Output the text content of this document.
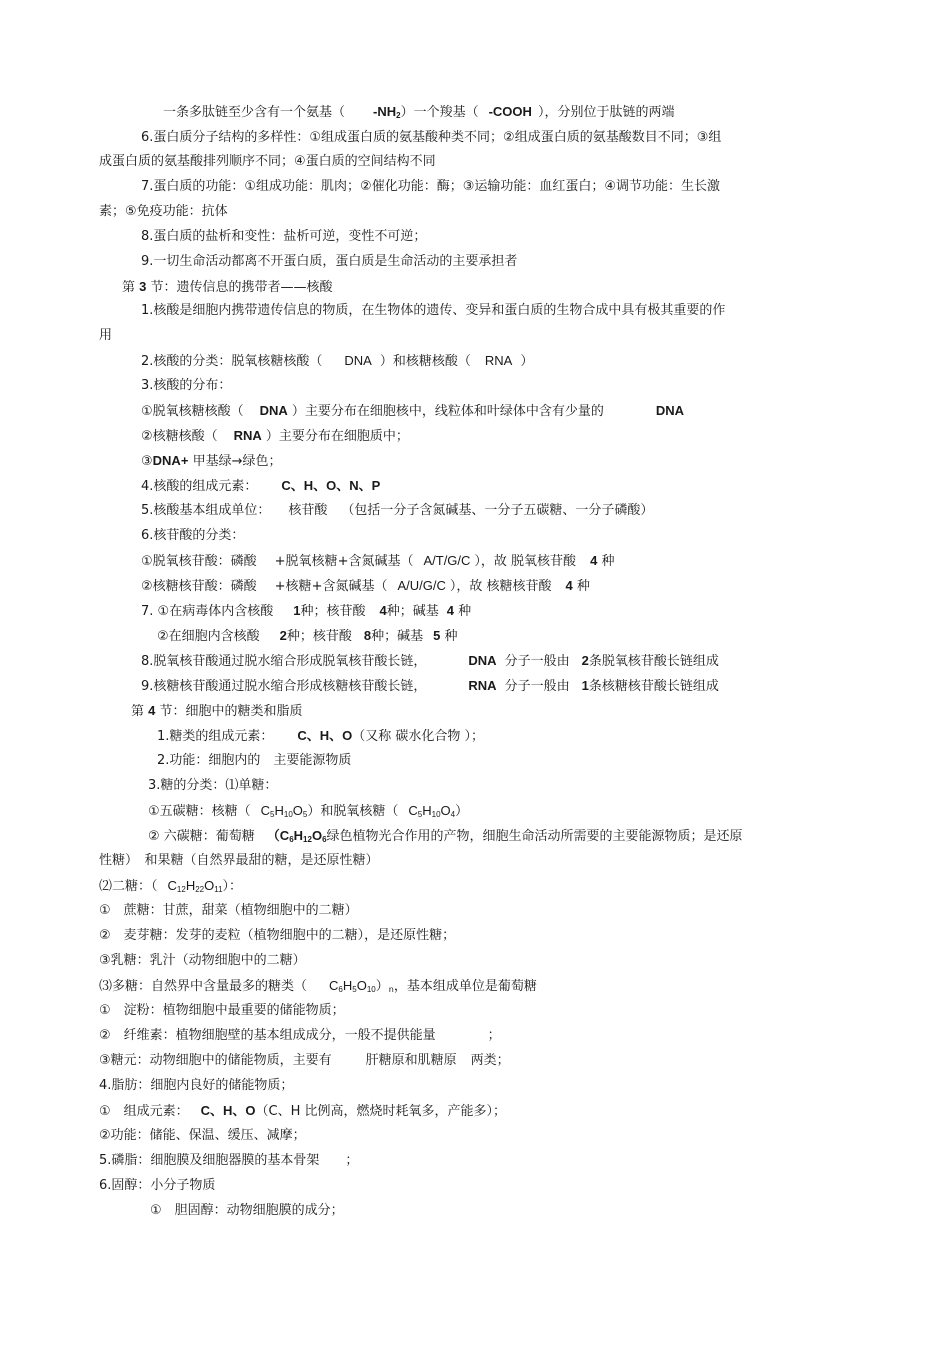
一条多肽链至少含有一个氨基（ $-NH_2$）一个羧基（ -COOH ），分别位于肽链的两端
6.蛋白质分子结构的多样性：①组成蛋白质的氨基酸种类不同；②组成蛋白质的氨基酸数目不同；③组
成蛋白质的氨基酸排列顺序不同；④蛋白质的空间结构不同
7.蛋白质的功能：①组成功能：肌肉；②催化功能：酶；③运输功能：血红蛋白；④调节功能：生长激
素；⑤免疫功能：抗体
8.蛋白质的盐析和变性：盐析可逆，变性不可逆；
9.一切生命活动都离不开蛋白质，蛋白质是生命活动的主要承担者
第 3 节：遗传信息的携带者——核酸
1.核酸是细胞内携带遗传信息的物质，在生物体的遗传、变异和蛋白质的生物合成中具有极其重要的作
用
2.核酸的分类：脱氧核糖核酸（ DNA ）和核糖核酸（ RNA ）
3.核酸的分布：
①脱氧核糖核酸（ DNA ）主要分布在细胞核中，线粒体和叶绿体中含有少量的	DNA
②核糖核酸（ RNA ）主要分布在细胞质中；
③DNA+ 甲基绿→绿色；
4.核酸的组成元素： C、H、O、N、P
5.核酸基本组成单位： 核苷酸 （包括一分子含氮碱基、一分子五碳糖、一分子磷酸）
6.核苷酸的分类：
①脱氧核苷酸：磷酸 +脱氧核糖+含氮碱基（ A/T/G/C ），故 脱氧核苷酸 4 种
②核糖核苷酸：磷酸 +核糖+含氮碱基（ A/U/G/C ），故 核糖核苷酸 4 种
7. ①在病毒体内含核酸 1种；核苷酸 4种；碱基 4 种
②在细胞内含核酸 2种；核苷酸 8种；碱基 5 种
8.脱氧核苷酸通过脱水缩合形成脱氧核苷酸长链，	DNA 分子一般由 2条脱氧核苷酸长链组成
9.核糖核苷酸通过脱水缩合形成核糖核苷酸长链，	RNA 分子一般由 1条核糖核苷酸长链组成
第 4 节：细胞中的糖类和脂质
1.糖类的组成元素： C、H、O（又称 碳水化合物 ）；
2.功能：细胞内的　主要能源物质
3.糖的分类：⑴单糖：
①五碳糖：核糖（ $C_5H_{10}O_5$）和脱氧核糖（ $C_5H_{10}O_4$）
② 六碳糖：葡萄糖 （$C_6H_{12}O_6$绿色植物光合作用的产物，细胞生命活动所需要的主要能源物质；是还原
性糖）　和果糖（自然界最甜的糖，是还原性糖）
⑵二糖：（ $C_{12}H_{22}O_{11}$）：
①　蔗糖：甘蔗，甜菜（植物细胞中的二糖）
②　麦芽糖：发芽的麦粒（植物细胞中的二糖），是还原性糖；
③乳糖：乳汁（动物细胞中的二糖）
⑶多糖：自然界中含量最多的糖类（ $C_6H_5O_{10})_n$，基本组成单位是葡萄糖
①　淀粉：植物细胞中最重要的储能物质；
②　纤维素：植物细胞壁的基本组成成分，一般不提供能量　　　　；
③糖元：动物细胞中的储能物质，主要有	肝糖原和肌糖原 两类；
4.脂肪：细胞内良好的储能物质；
①　组成元素： C、H、O（C、H 比例高，燃烧时耗氧多，产能多）；
②功能：储能、保温、缓压、减摩；
5.磷脂：细胞膜及细胞器膜的基本骨架　　；
6.固醇：小分子物质
①　胆固醇：动物细胞膜的成分；
